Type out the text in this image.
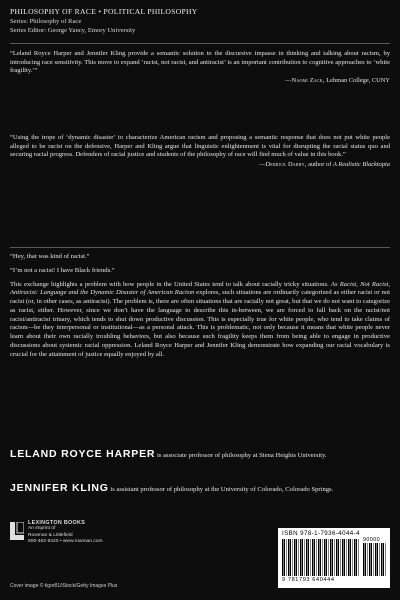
PHILOSOPHY OF RACE • POLITICAL PHILOSOPHY
Series: Philosophy of Race
Series Editor: George Yancy, Emory University
“Leland Royce Harper and Jennifer Kling provide a semantic solution to the discursive impasse in thinking and talking about racism, by introducing race sensitivity. This move to expand ‘racist, not racist, and antiracist’ is an important contribution to cognitive approaches to ‘white fragility.’”
—Naomi Zack, Lehman College, CUNY
“Using the trope of ‘dynamic disaster’ to characterize American racism and proposing a semantic response that does not put white people alleged to be racist on the defensive, Harper and Kling argue that linguistic enlightenment is vital for disrupting the racial status quo and securing racial progress. Defenders of racial justice and students of the philosophy of race will find much of value in this book.”
—Derrick Darby, author of A Realistic Blacktopia

“Hey, that was kind of racist.”

“I’m not a racist! I have Black friends.”

This exchange highlights a problem with how people in the United States tend to talk about racially tricky situations. As Racist, Not Racist, Antiracist: Language and the Dynamic Disaster of American Racism explores, such situations are ordinarily categorized as either racist or not racist (or, in other cases, as antiracist). The problem is, there are often situations that are racially not great, but that we do not want to categorize as racist, either. However, since we don’t have the language to describe this in-between, we are forced to fall back on the racist/not racist/antiracist trinary, which tends to shut down productive discussion. This is especially true for white people, who tend to take claims of racism—be they interpersonal or institutional—as a personal attack. This is problematic, not only because it means that white people never learn about their own racially troubling behaviors, but also because such fragility keeps them from being able to engage in productive discussions about systemic racial oppression. Leland Royce Harper and Jennifer Kling demonstrate how expanding our racial vocabulary is crucial for the attainment of justice equally enjoyed by all.

LELAND ROYCE HARPER is associate professor of philosophy at Siena Heights University.
JENNIFER KLING is assistant professor of philosophy at the University of Colorado, Colorado Springs.
LEXINGTON BOOKS
An imprint of
Rowman & Littlefield
800-462-6420 • www.rowman.com
Cover image © tigor81/iStock/Getty Images Plus
ISBN 978-1-7936-4044-4
90000
9 781793 640444
